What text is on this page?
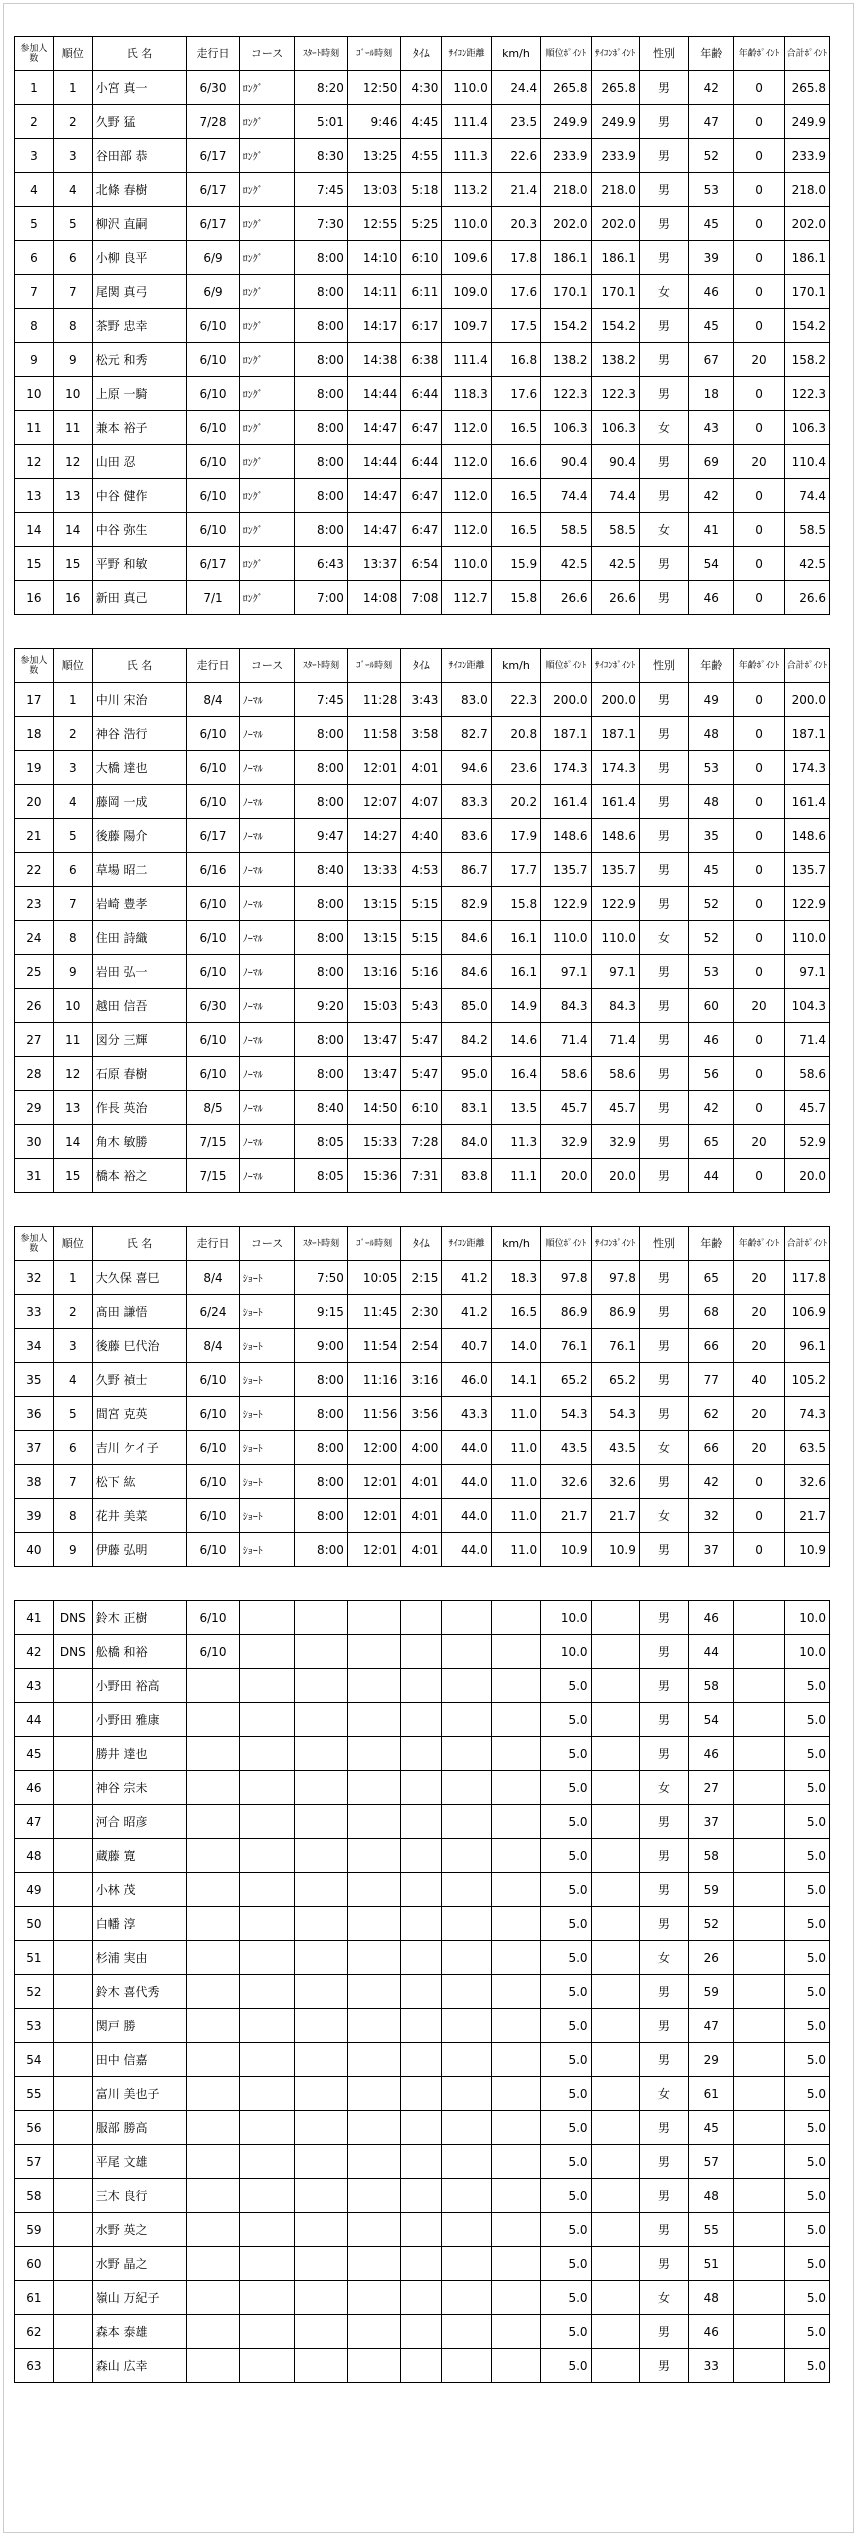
参加人数	順位	氏 名	走行日	コース	ｽﾀｰﾄ時刻	ｺﾞｰﾙ時刻	ﾀｲﾑ	ｻｲｺﾝ距離	km/h	順位ﾎﾟｲﾝﾄ	ｻｲｺﾝﾎﾟｲﾝﾄ	性別	年齢	年齢ﾎﾟｲﾝﾄ	合計ﾎﾟｲﾝﾄ
1	1	小宮 真一	6/30	ﾛﾝｸﾞ	8:20	12:50	4:30	110.0	24.4	265.8	265.8	男	42	0	265.8
2	2	久野 猛	7/28	ﾛﾝｸﾞ	5:01	9:46	4:45	111.4	23.5	249.9	249.9	男	47	0	249.9
3	3	谷田部 恭	6/17	ﾛﾝｸﾞ	8:30	13:25	4:55	111.3	22.6	233.9	233.9	男	52	0	233.9
4	4	北條 春樹	6/17	ﾛﾝｸﾞ	7:45	13:03	5:18	113.2	21.4	218.0	218.0	男	53	0	218.0
5	5	柳沢 直嗣	6/17	ﾛﾝｸﾞ	7:30	12:55	5:25	110.0	20.3	202.0	202.0	男	45	0	202.0
6	6	小柳 良平	6/9	ﾛﾝｸﾞ	8:00	14:10	6:10	109.6	17.8	186.1	186.1	男	39	0	186.1
7	7	尾関 真弓	6/9	ﾛﾝｸﾞ	8:00	14:11	6:11	109.0	17.6	170.1	170.1	女	46	0	170.1
8	8	茶野 忠幸	6/10	ﾛﾝｸﾞ	8:00	14:17	6:17	109.7	17.5	154.2	154.2	男	45	0	154.2
9	9	松元 和秀	6/10	ﾛﾝｸﾞ	8:00	14:38	6:38	111.4	16.8	138.2	138.2	男	67	20	158.2
10	10	上原 一騎	6/10	ﾛﾝｸﾞ	8:00	14:44	6:44	118.3	17.6	122.3	122.3	男	18	0	122.3
11	11	兼本 裕子	6/10	ﾛﾝｸﾞ	8:00	14:47	6:47	112.0	16.5	106.3	106.3	女	43	0	106.3
12	12	山田 忍	6/10	ﾛﾝｸﾞ	8:00	14:44	6:44	112.0	16.6	90.4	90.4	男	69	20	110.4
13	13	中谷 健作	6/10	ﾛﾝｸﾞ	8:00	14:47	6:47	112.0	16.5	74.4	74.4	男	42	0	74.4
14	14	中谷 弥生	6/10	ﾛﾝｸﾞ	8:00	14:47	6:47	112.0	16.5	58.5	58.5	女	41	0	58.5
15	15	平野 和敏	6/17	ﾛﾝｸﾞ	6:43	13:37	6:54	110.0	15.9	42.5	42.5	男	54	0	42.5
16	16	新田 真己	7/1	ﾛﾝｸﾞ	7:00	14:08	7:08	112.7	15.8	26.6	26.6	男	46	0	26.6

参加人数	順位	氏 名	走行日	コース	ｽﾀｰﾄ時刻	ｺﾞｰﾙ時刻	ﾀｲﾑ	ｻｲｺﾝ距離	km/h	順位ﾎﾟｲﾝﾄ	ｻｲｺﾝﾎﾟｲﾝﾄ	性別	年齢	年齢ﾎﾟｲﾝﾄ	合計ﾎﾟｲﾝﾄ
17	1	中川 宋治	8/4	ﾉｰﾏﾙ	7:45	11:28	3:43	83.0	22.3	200.0	200.0	男	49	0	200.0
18	2	神谷 浩行	6/10	ﾉｰﾏﾙ	8:00	11:58	3:58	82.7	20.8	187.1	187.1	男	48	0	187.1
19	3	大橋 達也	6/10	ﾉｰﾏﾙ	8:00	12:01	4:01	94.6	23.6	174.3	174.3	男	53	0	174.3
20	4	藤岡 一成	6/10	ﾉｰﾏﾙ	8:00	12:07	4:07	83.3	20.2	161.4	161.4	男	48	0	161.4
21	5	後藤 陽介	6/17	ﾉｰﾏﾙ	9:47	14:27	4:40	83.6	17.9	148.6	148.6	男	35	0	148.6
22	6	草場 昭二	6/16	ﾉｰﾏﾙ	8:40	13:33	4:53	86.7	17.7	135.7	135.7	男	45	0	135.7
23	7	岩崎 豊孝	6/10	ﾉｰﾏﾙ	8:00	13:15	5:15	82.9	15.8	122.9	122.9	男	52	0	122.9
24	8	住田 詩織	6/10	ﾉｰﾏﾙ	8:00	13:15	5:15	84.6	16.1	110.0	110.0	女	52	0	110.0
25	9	岩田 弘一	6/10	ﾉｰﾏﾙ	8:00	13:16	5:16	84.6	16.1	97.1	97.1	男	53	0	97.1
26	10	越田 信吾	6/30	ﾉｰﾏﾙ	9:20	15:03	5:43	85.0	14.9	84.3	84.3	男	60	20	104.3
27	11	図分 三輝	6/10	ﾉｰﾏﾙ	8:00	13:47	5:47	84.2	14.6	71.4	71.4	男	46	0	71.4
28	12	石原 春樹	6/10	ﾉｰﾏﾙ	8:00	13:47	5:47	95.0	16.4	58.6	58.6	男	56	0	58.6
29	13	作長 英治	8/5	ﾉｰﾏﾙ	8:40	14:50	6:10	83.1	13.5	45.7	45.7	男	42	0	45.7
30	14	角木 敏勝	7/15	ﾉｰﾏﾙ	8:05	15:33	7:28	84.0	11.3	32.9	32.9	男	65	20	52.9
31	15	橋本 裕之	7/15	ﾉｰﾏﾙ	8:05	15:36	7:31	83.8	11.1	20.0	20.0	男	44	0	20.0

参加人数	順位	氏 名	走行日	コース	ｽﾀｰﾄ時刻	ｺﾞｰﾙ時刻	ﾀｲﾑ	ｻｲｺﾝ距離	km/h	順位ﾎﾟｲﾝﾄ	ｻｲｺﾝﾎﾟｲﾝﾄ	性別	年齢	年齢ﾎﾟｲﾝﾄ	合計ﾎﾟｲﾝﾄ
32	1	大久保 喜巳	8/4	ｼｮｰﾄ	7:50	10:05	2:15	41.2	18.3	97.8	97.8	男	65	20	117.8
33	2	髙田 謙悟	6/24	ｼｮｰﾄ	9:15	11:45	2:30	41.2	16.5	86.9	86.9	男	68	20	106.9
34	3	後藤 巳代治	8/4	ｼｮｰﾄ	9:00	11:54	2:54	40.7	14.0	76.1	76.1	男	66	20	96.1
35	4	久野 禎士	6/10	ｼｮｰﾄ	8:00	11:16	3:16	46.0	14.1	65.2	65.2	男	77	40	105.2
36	5	間宮 克英	6/10	ｼｮｰﾄ	8:00	11:56	3:56	43.3	11.0	54.3	54.3	男	62	20	74.3
37	6	吉川 ケイ子	6/10	ｼｮｰﾄ	8:00	12:00	4:00	44.0	11.0	43.5	43.5	女	66	20	63.5
38	7	松下 紘	6/10	ｼｮｰﾄ	8:00	12:01	4:01	44.0	11.0	32.6	32.6	男	42	0	32.6
39	8	花井 美菜	6/10	ｼｮｰﾄ	8:00	12:01	4:01	44.0	11.0	21.7	21.7	女	32	0	21.7
40	9	伊藤 弘明	6/10	ｼｮｰﾄ	8:00	12:01	4:01	44.0	11.0	10.9	10.9	男	37	0	10.9

41	DNS	鈴木 正樹	6/10							10.0		男	46		10.0
42	DNS	舩橋 和裕	6/10							10.0		男	44		10.0
43		小野田 裕高								5.0		男	58		5.0
44		小野田 雅康								5.0		男	54		5.0
45		勝井 達也								5.0		男	46		5.0
46		神谷 宗未								5.0		女	27		5.0
47		河合 昭彦								5.0		男	37		5.0
48		蔵藤 寛								5.0		男	58		5.0
49		小林 茂								5.0		男	59		5.0
50		白幡 淳								5.0		男	52		5.0
51		杉浦 実由								5.0		女	26		5.0
52		鈴木 喜代秀								5.0		男	59		5.0
53		関戸 勝								5.0		男	47		5.0
54		田中 信嘉								5.0		男	29		5.0
55		富川 美也子								5.0		女	61		5.0
56		服部 勝高								5.0		男	45		5.0
57		平尾 文雄								5.0		男	57		5.0
58		三木 良行								5.0		男	48		5.0
59		水野 英之								5.0		男	55		5.0
60		水野 晶之								5.0		男	51		5.0
61		嶺山 万紀子								5.0		女	48		5.0
62		森本 泰雄								5.0		男	46		5.0
63		森山 広幸								5.0		男	33		5.0
